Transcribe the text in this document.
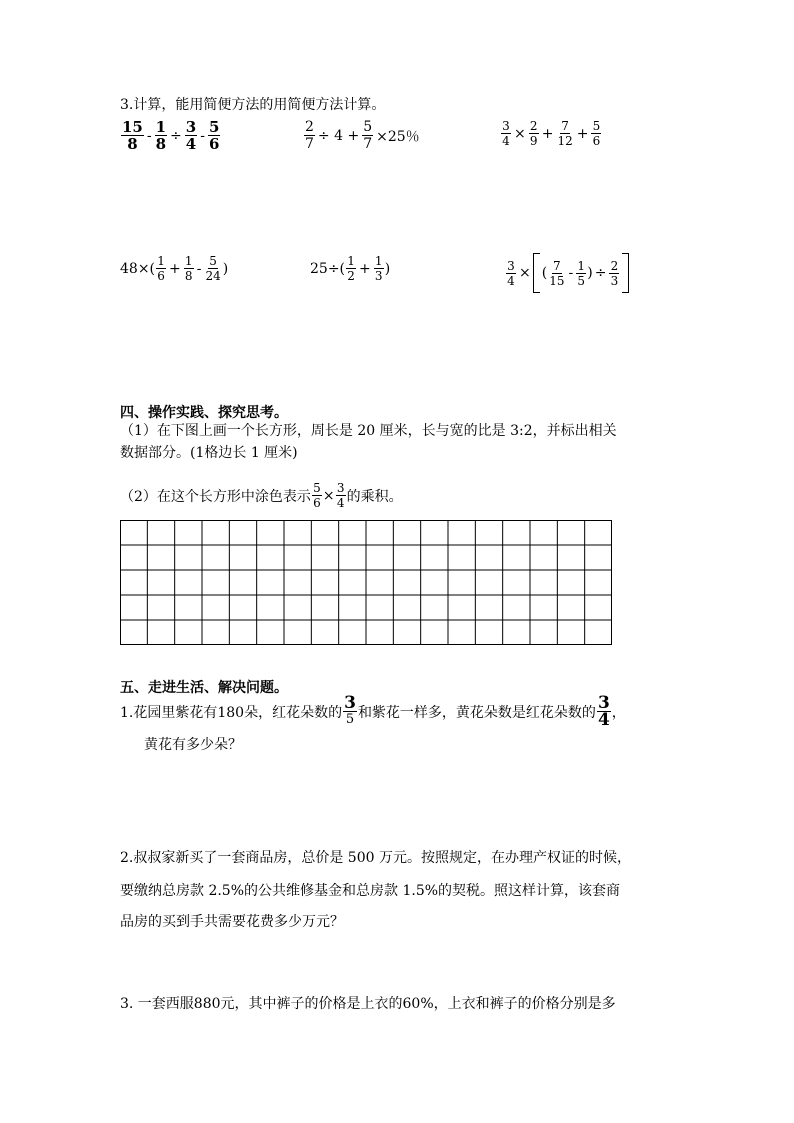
3.计算，能用简便方法的用简便方法计算。
$\frac{15}{8} - \frac{1}{8} \div \frac{3}{4} - \frac{5}{6}$	$\frac{2}{7} \div 4 + \frac{5}{7} \times 25$％	$\frac{3}{4} \times \frac{2}{9} + \frac{7}{12} + \frac{5}{6}$
$48\times( \frac{1}{6} + \frac{1}{8} - \frac{5}{24}$ )	$25\div( \frac{1}{2} + \frac{1}{3}$ )	$\frac{3}{4}$ × ( $\frac{7}{15} - \frac{1}{5}$ ) ÷ $\frac{2}{3}$
四、操作实践、探究思考。
（1）在下图上画一个长方形，周长是 20 厘米，长与宽的比是 3:2，并标出相关
数据部分。(1格边长 1 厘米)
（2）在这个长方形中涂色表示 $\frac{5}{6} \times \frac{3}{4}$ 的乘积。
五、走进生活、解决问题。
1.花园里紫花有180朵，红花朵数的 $\frac{3}{5}$ 和紫花一样多，黄花朵数是红花朵数的 $\frac{3}{4}$ ，
黄花有多少朵？
2.叔叔家新买了一套商品房，总价是 500 万元。按照规定，在办理产权证的时候，
要缴纳总房款 2.5%的公共维修基金和总房款 1.5%的契税。照这样计算，该套商
品房的买到手共需要花费多少万元？
3. 一套西服880元，其中裤子的价格是上衣的60%，上衣和裤子的价格分别是多
